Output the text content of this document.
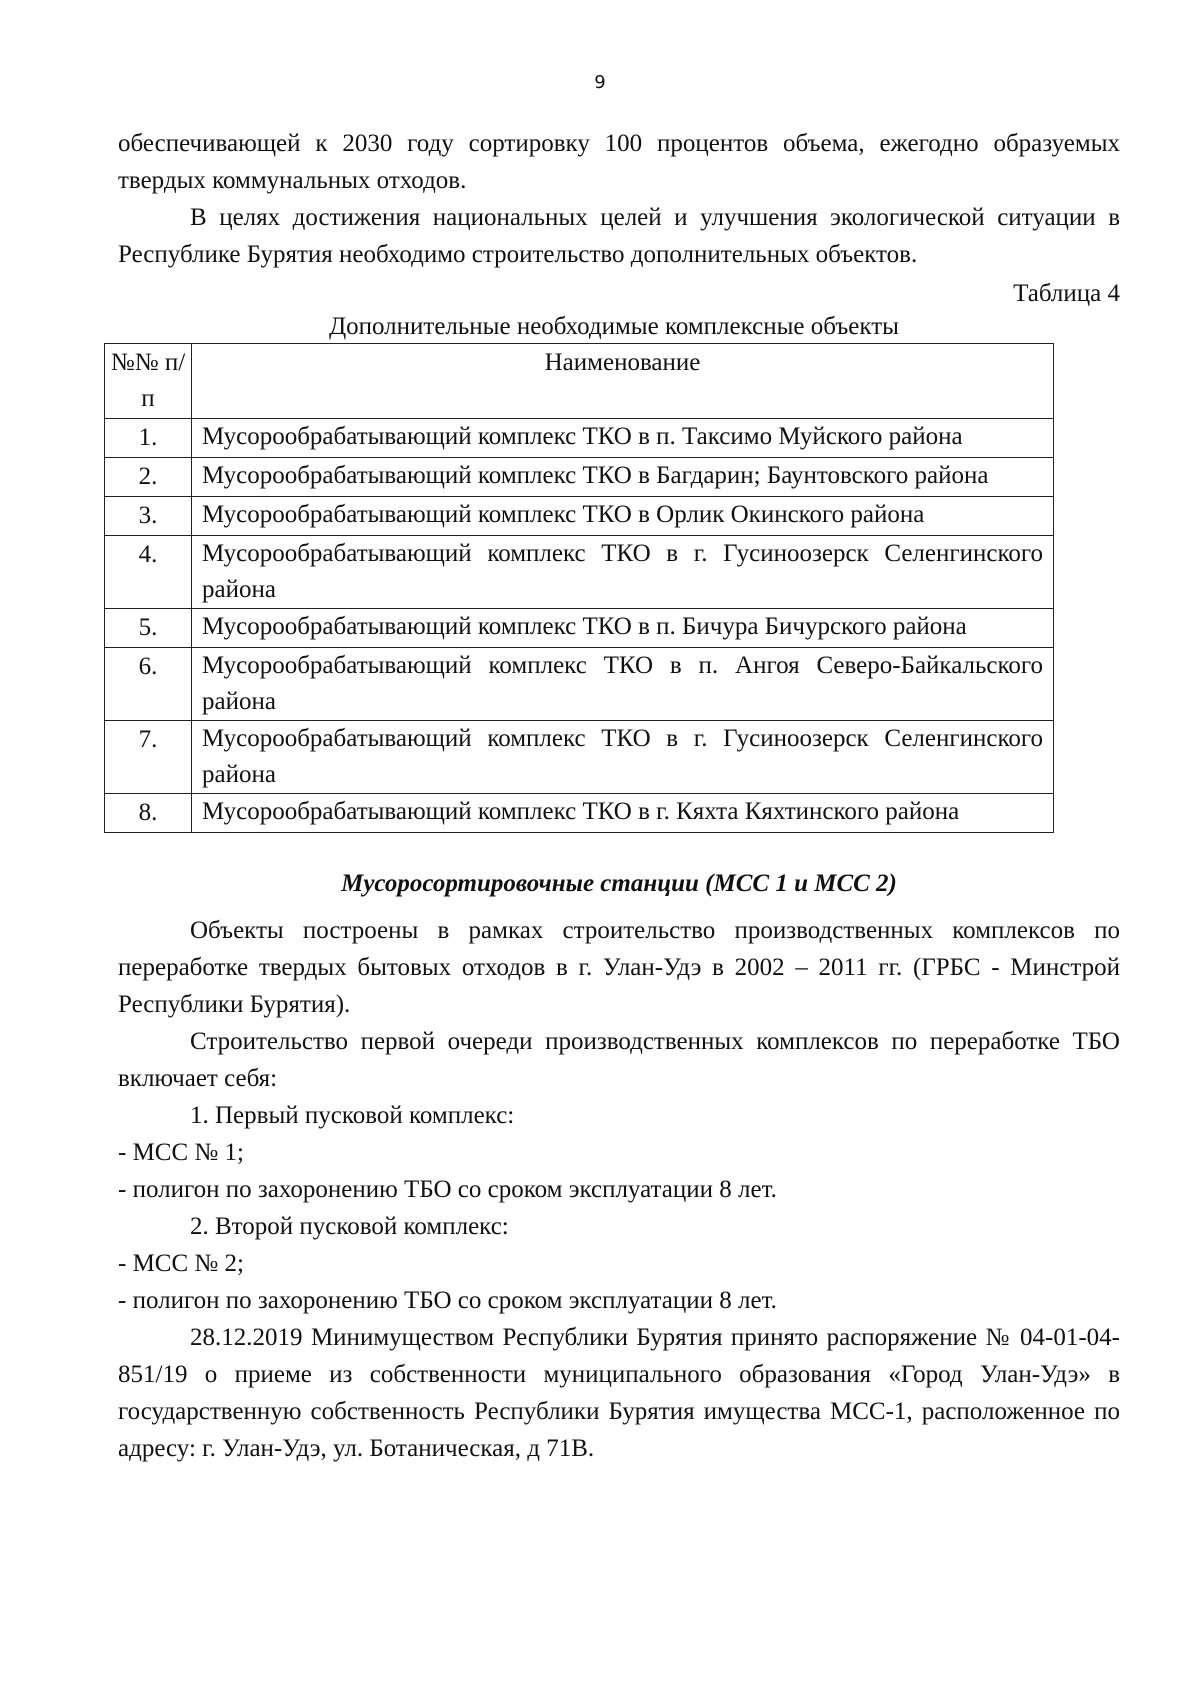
9

обеспечивающей к 2030 году сортировку 100 процентов объема, ежегодно образуемых твердых коммунальных отходов.

В целях достижения национальных целей и улучшения экологической ситуации в Республике Бурятия необходимо строительство дополнительных объектов.

Таблица 4

Дополнительные необходимые комплексные объекты

№№ п/п	Наименование
1.	Мусорообрабатывающий комплекс ТКО в п. Таксимо Муйского района
2.	Мусорообрабатывающий комплекс ТКО в Багдарин; Баунтовского района
3.	Мусорообрабатывающий комплекс ТКО в Орлик Окинского района
4.	Мусорообрабатывающий комплекс ТКО в г. Гусиноозерск Селенгинского района
5.	Мусорообрабатывающий комплекс ТКО в п. Бичура Бичурского района
6.	Мусорообрабатывающий комплекс ТКО в п. Ангоя Северо-Байкальского района
7.	Мусорообрабатывающий комплекс ТКО в г. Гусиноозерск Селенгинского района
8.	Мусорообрабатывающий комплекс ТКО в г. Кяхта Кяхтинского района

Мусоросортировочные станции (МСС 1 и МСС 2)

Объекты построены в рамках строительство производственных комплексов по переработке твердых бытовых отходов в г. Улан-Удэ в 2002 – 2011 гг. (ГРБС - Минстрой Республики Бурятия).

Строительство первой очереди производственных комплексов по переработке ТБО включает себя:

1. Первый пусковой комплекс:

- МСС № 1;

- полигон по захоронению ТБО со сроком эксплуатации 8 лет.

2. Второй пусковой комплекс:

- МСС № 2;

- полигон по захоронению ТБО со сроком эксплуатации 8 лет.

28.12.2019 Минимуществом Республики Бурятия принято распоряжение № 04-01-04-851/19 о приеме из собственности муниципального образования «Город Улан-Удэ» в государственную собственность Республики Бурятия имущества МСС-1, расположенное по адресу: г. Улан-Удэ, ул. Ботаническая, д 71В.
